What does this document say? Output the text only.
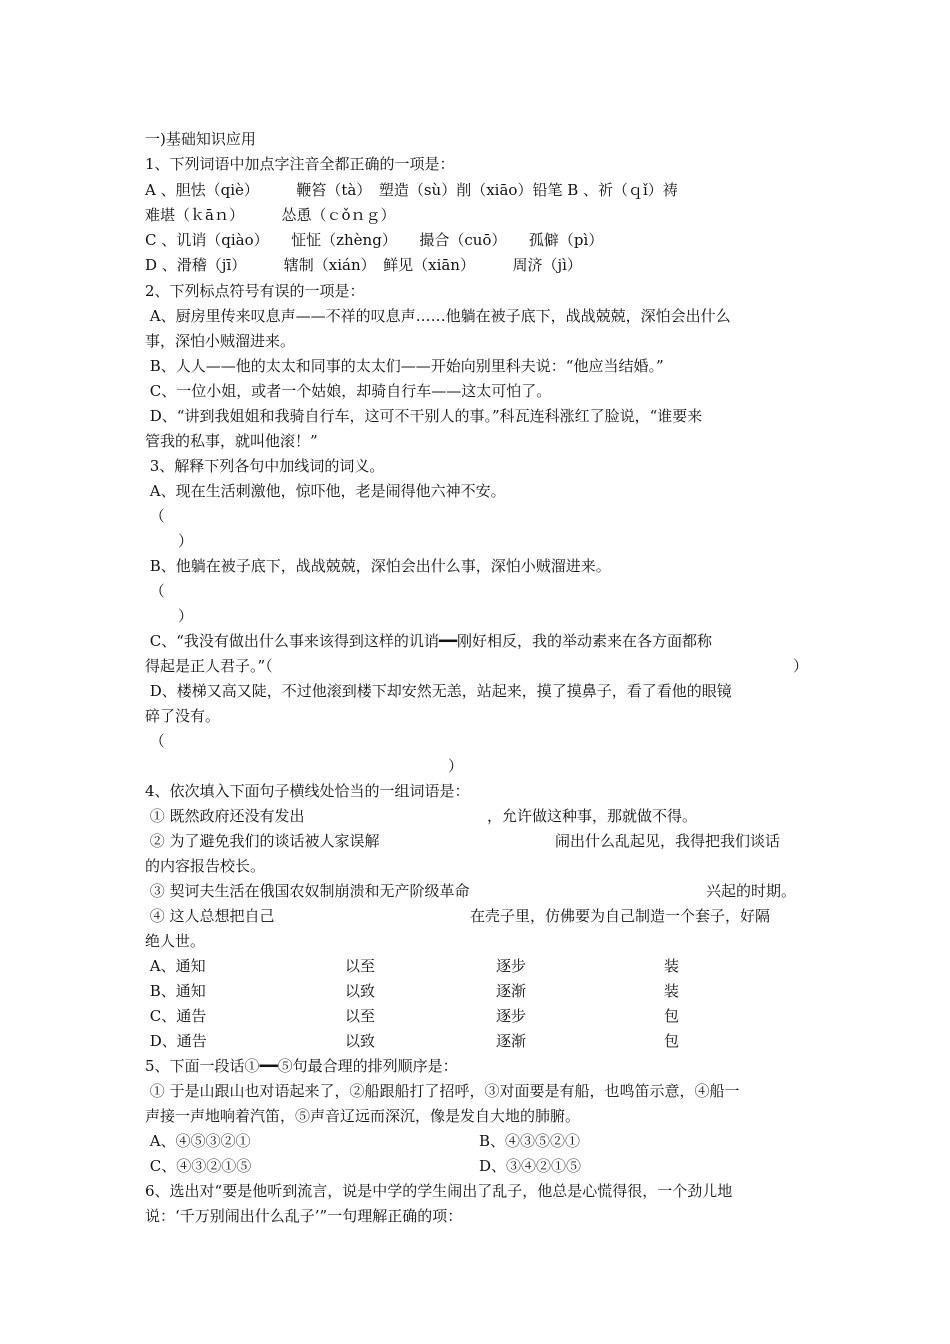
一)基础知识应用
1、下列词语中加点字注音全都正确的一项是：
A 、胆怯（qiè）　　　鞭笞（tà）　塑造（sù）削（xiāo）铅笔 B 、祈（ｑǐ）祷
难堪（ｋāｎ）　　　怂恿（ｃǒｎｇ）
C 、讥诮（qiào）　　怔怔（zhèng）　　撮合（cuō）　　孤僻（pì）
D 、滑稽（jī）　　　辖制（xián）　鲜见（xiān）　　　周济（jì）
2、下列标点符号有误的一项是：
A、厨房里传来叹息声——不祥的叹息声……他躺在被子底下，战战兢兢，深怕会出什么
事，深怕小贼溜进来。
B、人人——他的太太和同事的太太们——开始向别里科夫说：“他应当结婚。”
C、一位小姐，或者一个姑娘，却骑自行车——这太可怕了。
D、“讲到我姐姐和我骑自行车，这可不干别人的事。”科瓦连科涨红了脸说，“谁要来
管我的私事，就叫他滚！”
3、解释下列各句中加线词的词义。
A、现在生活刺激他，惊吓他，老是闹得他六神不安。
（
）
B、他躺在被子底下，战战兢兢，深怕会出什么事，深怕小贼溜进来。
（
）
C、“我没有做出什么事来该得到这样的讥诮━━刚好相反，我的举动素来在各方面都称
得起是正人君子。”（	）
D、楼梯又高又陡，不过他滚到楼下却安然无恙，站起来，摸了摸鼻子，看了看他的眼镜
碎了没有。
（
）
4、依次填入下面句子横线处恰当的一组词语是：
① 既然政府还没有发出	，允许做这种事，那就做不得。
② 为了避免我们的谈话被人家误解	闹出什么乱起见，我得把我们谈话
的内容报告校长。
③ 契诃夫生活在俄国农奴制崩溃和无产阶级革命	兴起的时期。
④ 这人总想把自己	在壳子里，仿佛要为自己制造一个套子，好隔
绝人世。
A、通知	以至	逐步	装
B、通知	以致	逐渐	装
C、通告	以至	逐步	包
D、通告	以致	逐渐	包
5、下面一段话①━━⑤句最合理的排列顺序是：
① 于是山跟山也对语起来了，②船跟船打了招呼，③对面要是有船，也鸣笛示意，④船一
声接一声地响着汽笛，⑤声音辽远而深沉，像是发自大地的肺腑。
A、④⑤③②①	B、④③⑤②①
C、④③②①⑤	D、③④②①⑤
6、选出对“要是他听到流言，说是中学的学生闹出了乱子，他总是心慌得很，一个劲儿地
说：‘千万别闹出什么乱子’”一句理解正确的项：
